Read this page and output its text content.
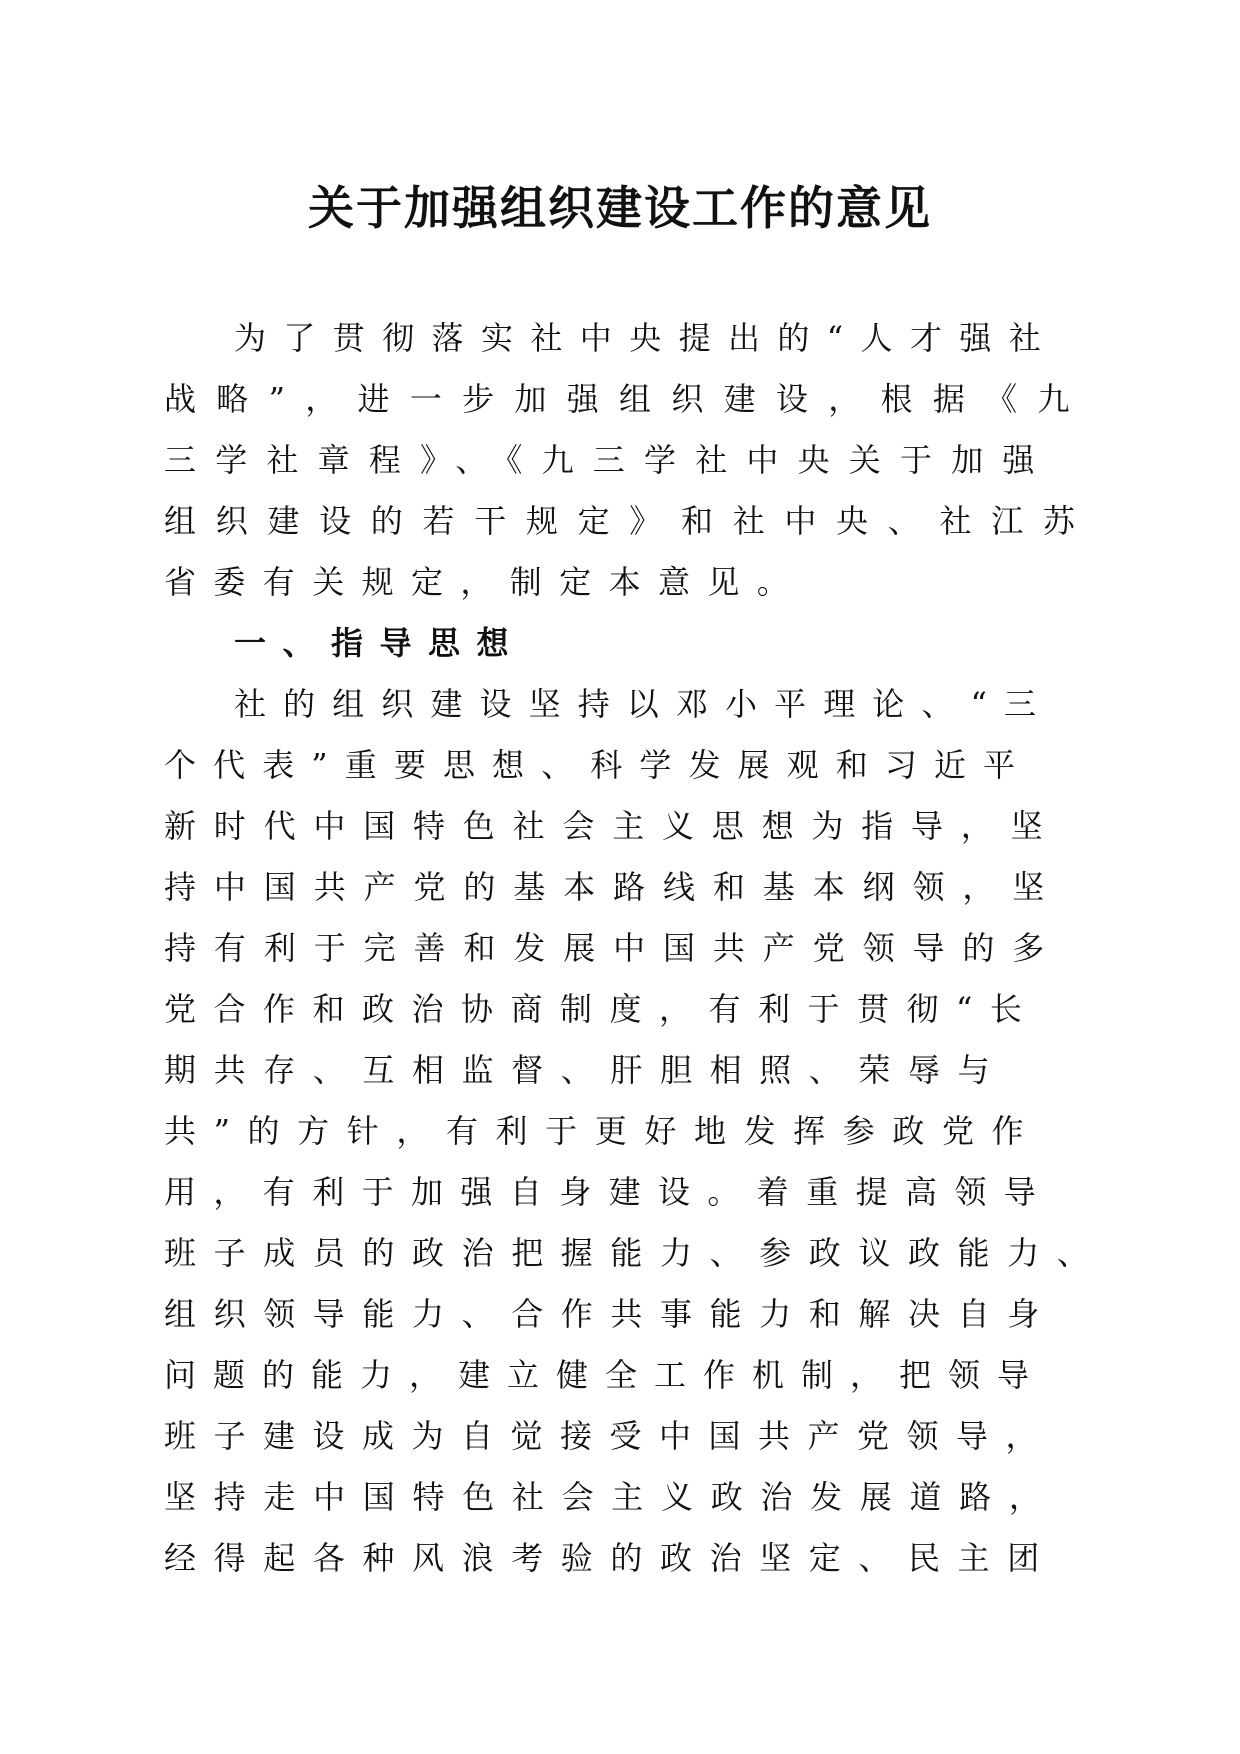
关于加强组织建设工作的意见
为了贯彻落实社中央提出的“人才强社
战略”，进一步加强组织建设，根据《九
三学社章程》、《九三学社中央关于加强
组织建设的若干规定》和社中央、社江苏
省委有关规定，制定本意见。
一、指导思想
社的组织建设坚持以邓小平理论、“三
个代表”重要思想、科学发展观和习近平
新时代中国特色社会主义思想为指导，坚
持中国共产党的基本路线和基本纲领，坚
持有利于完善和发展中国共产党领导的多
党合作和政治协商制度，有利于贯彻“长
期共存、互相监督、肝胆相照、荣辱与
共”的方针，有利于更好地发挥参政党作
用，有利于加强自身建设。着重提高领导
班子成员的政治把握能力、参政议政能力、
组织领导能力、合作共事能力和解决自身
问题的能力，建立健全工作机制，把领导
班子建设成为自觉接受中国共产党领导，
坚持走中国特色社会主义政治发展道路，
经得起各种风浪考验的政治坚定、民主团
